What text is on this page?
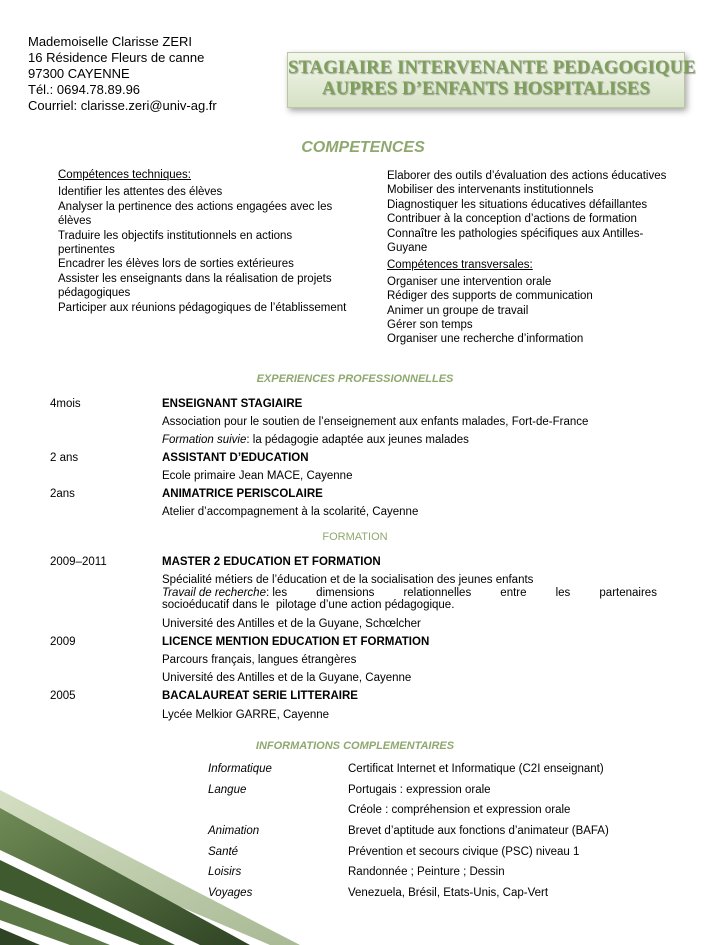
Mademoiselle Clarisse ZERI
16 Résidence Fleurs de canne
97300 CAYENNE
Tél.: 0694.78.89.96
Courriel: clarisse.zeri@univ-ag.fr
STAGIAIRE INTERVENANTE PEDAGOGIQUE
AUPRES D’ENFANTS HOSPITALISES
COMPETENCES
Compétences techniques:
Identifier les attentes des élèves
Analyser la pertinence des actions engagées avec les
élèves
Traduire les objectifs institutionnels en actions
pertinentes
Encadrer les élèves lors de sorties extérieures
Assister les enseignants dans la réalisation de projets
pédagogiques
Participer aux réunions pédagogiques de l’établissement
Elaborer des outils d’évaluation des actions éducatives
Mobiliser des intervenants institutionnels
Diagnostiquer les situations éducatives défaillantes
Contribuer à la conception d’actions de formation
Connaître les pathologies spécifiques aux Antilles-
Guyane
Compétences transversales:
Organiser une intervention orale
Rédiger des supports de communication
Animer un groupe de travail
Gérer son temps
Organiser une recherche d’information
EXPERIENCES PROFESSIONNELLES
4mois	ENSEIGNANT STAGIAIRE
Association pour le soutien de l’enseignement aux enfants malades, Fort-de-France
Formation suivie: la pédagogie adaptée aux jeunes malades
2 ans	ASSISTANT D’EDUCATION
Ecole primaire Jean MACE, Cayenne
2ans	ANIMATRICE PERISCOLAIRE
Atelier d’accompagnement à la scolarité, Cayenne
FORMATION
2009–2011	MASTER 2 EDUCATION ET FORMATION
Spécialité métiers de l’éducation et de la socialisation des jeunes enfants
Travail de recherche: les	dimensions	relationnelles	entre	les	partenaires
socioéducatif dans le pilotage d’une action pédagogique.
Université des Antilles et de la Guyane, Schœlcher
2009	LICENCE MENTION EDUCATION ET FORMATION
Parcours français, langues étrangères
Université des Antilles et de la Guyane, Cayenne
2005	BACALAUREAT SERIE LITTERAIRE
Lycée Melkior GARRE, Cayenne
INFORMATIONS COMPLEMENTAIRES
Informatique	Certificat Internet et Informatique (C2I enseignant)
Langue	Portugais : expression orale
Créole : compréhension et expression orale
Animation	Brevet d’aptitude aux fonctions d’animateur (BAFA)
Santé	Prévention et secours civique (PSC) niveau 1
Loisirs	Randonnée ; Peinture ; Dessin
Voyages	Venezuela, Brésil, Etats-Unis, Cap-Vert
